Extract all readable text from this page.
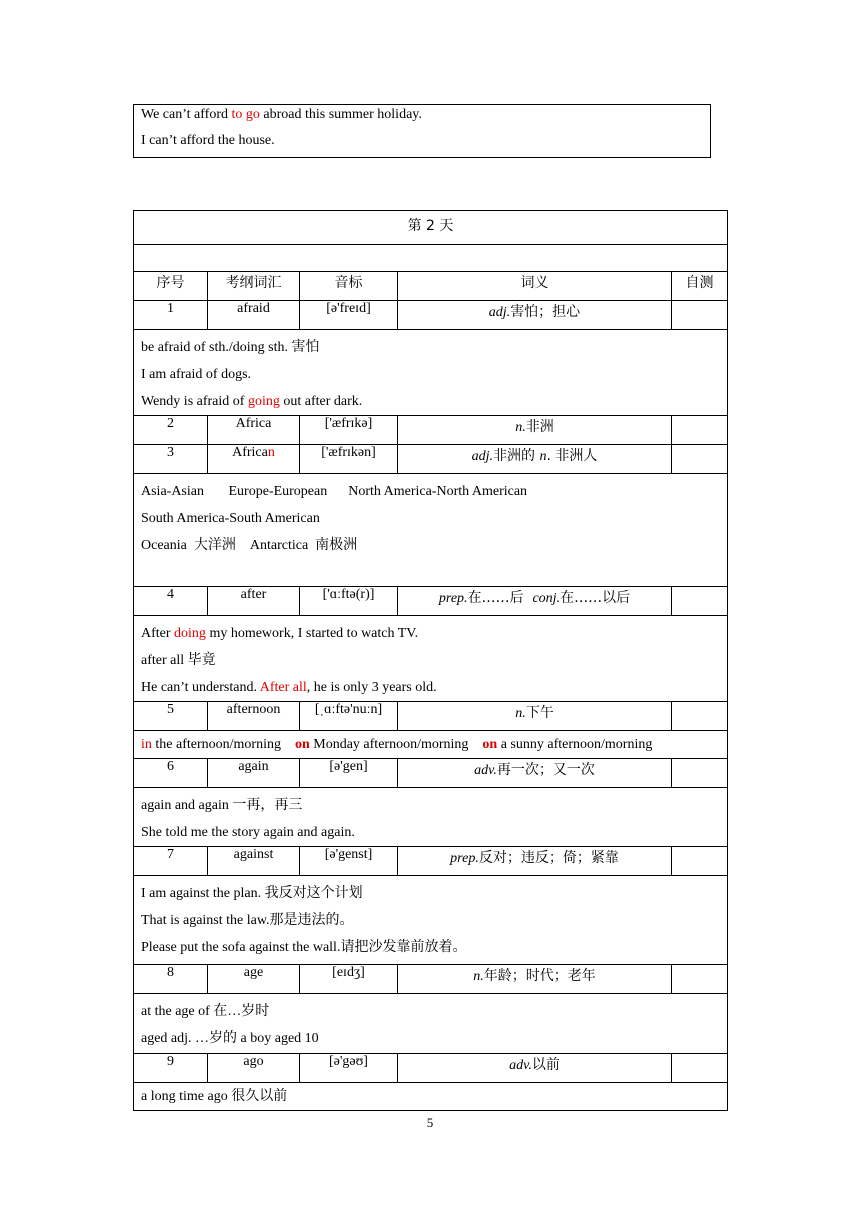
We can’t afford to go abroad this summer holiday.
I can’t afford the house.
第 2 天				

序号	考纲词汇	音标	词义	自测
1	afraid	[ə'freɪd]	adj.害怕；担心	

be afraid of sth./doing sth. 害怕
I am afraid of dogs.
Wendy is afraid of going out after dark.				

2	Africa	['æfrɪkə]	n.非洲	
3	African	['æfrɪkən]	adj.非洲的 n. 非洲人	

Asia-Asian       Europe-European      North America-North American
South America-South American
Oceania  大洋洲    Antarctica  南极洲				

4	after	['ɑːftə(r)]	prep.在……后  conj.在……以后	

After doing my homework, I started to watch TV.
after all 毕竟
He can’t understand. After all, he is only 3 years old.				

5	afternoon	[ˌɑːftə'nuːn]	n.下午	

in the afternoon/morning    on Monday afternoon/morning    on a sunny afternoon/morning				

6	again	[ə'gen]	adv.再一次；又一次	

again and again 一再，再三
She told me the story again and again.				

7	against	[ə'genst]	prep.反对；违反；倚；紧靠	

I am against the plan. 我反对这个计划
That is against the law.那是违法的。
Please put the sofa against the wall.请把沙发靠前放着。				

8	age	[eɪdʒ]	n.年龄；时代；老年	

at the age of 在…岁时
aged adj. …岁的 a boy aged 10				

9	ago	[ə'gəʊ]	adv.以前	

a long time ago 很久以前				
5
